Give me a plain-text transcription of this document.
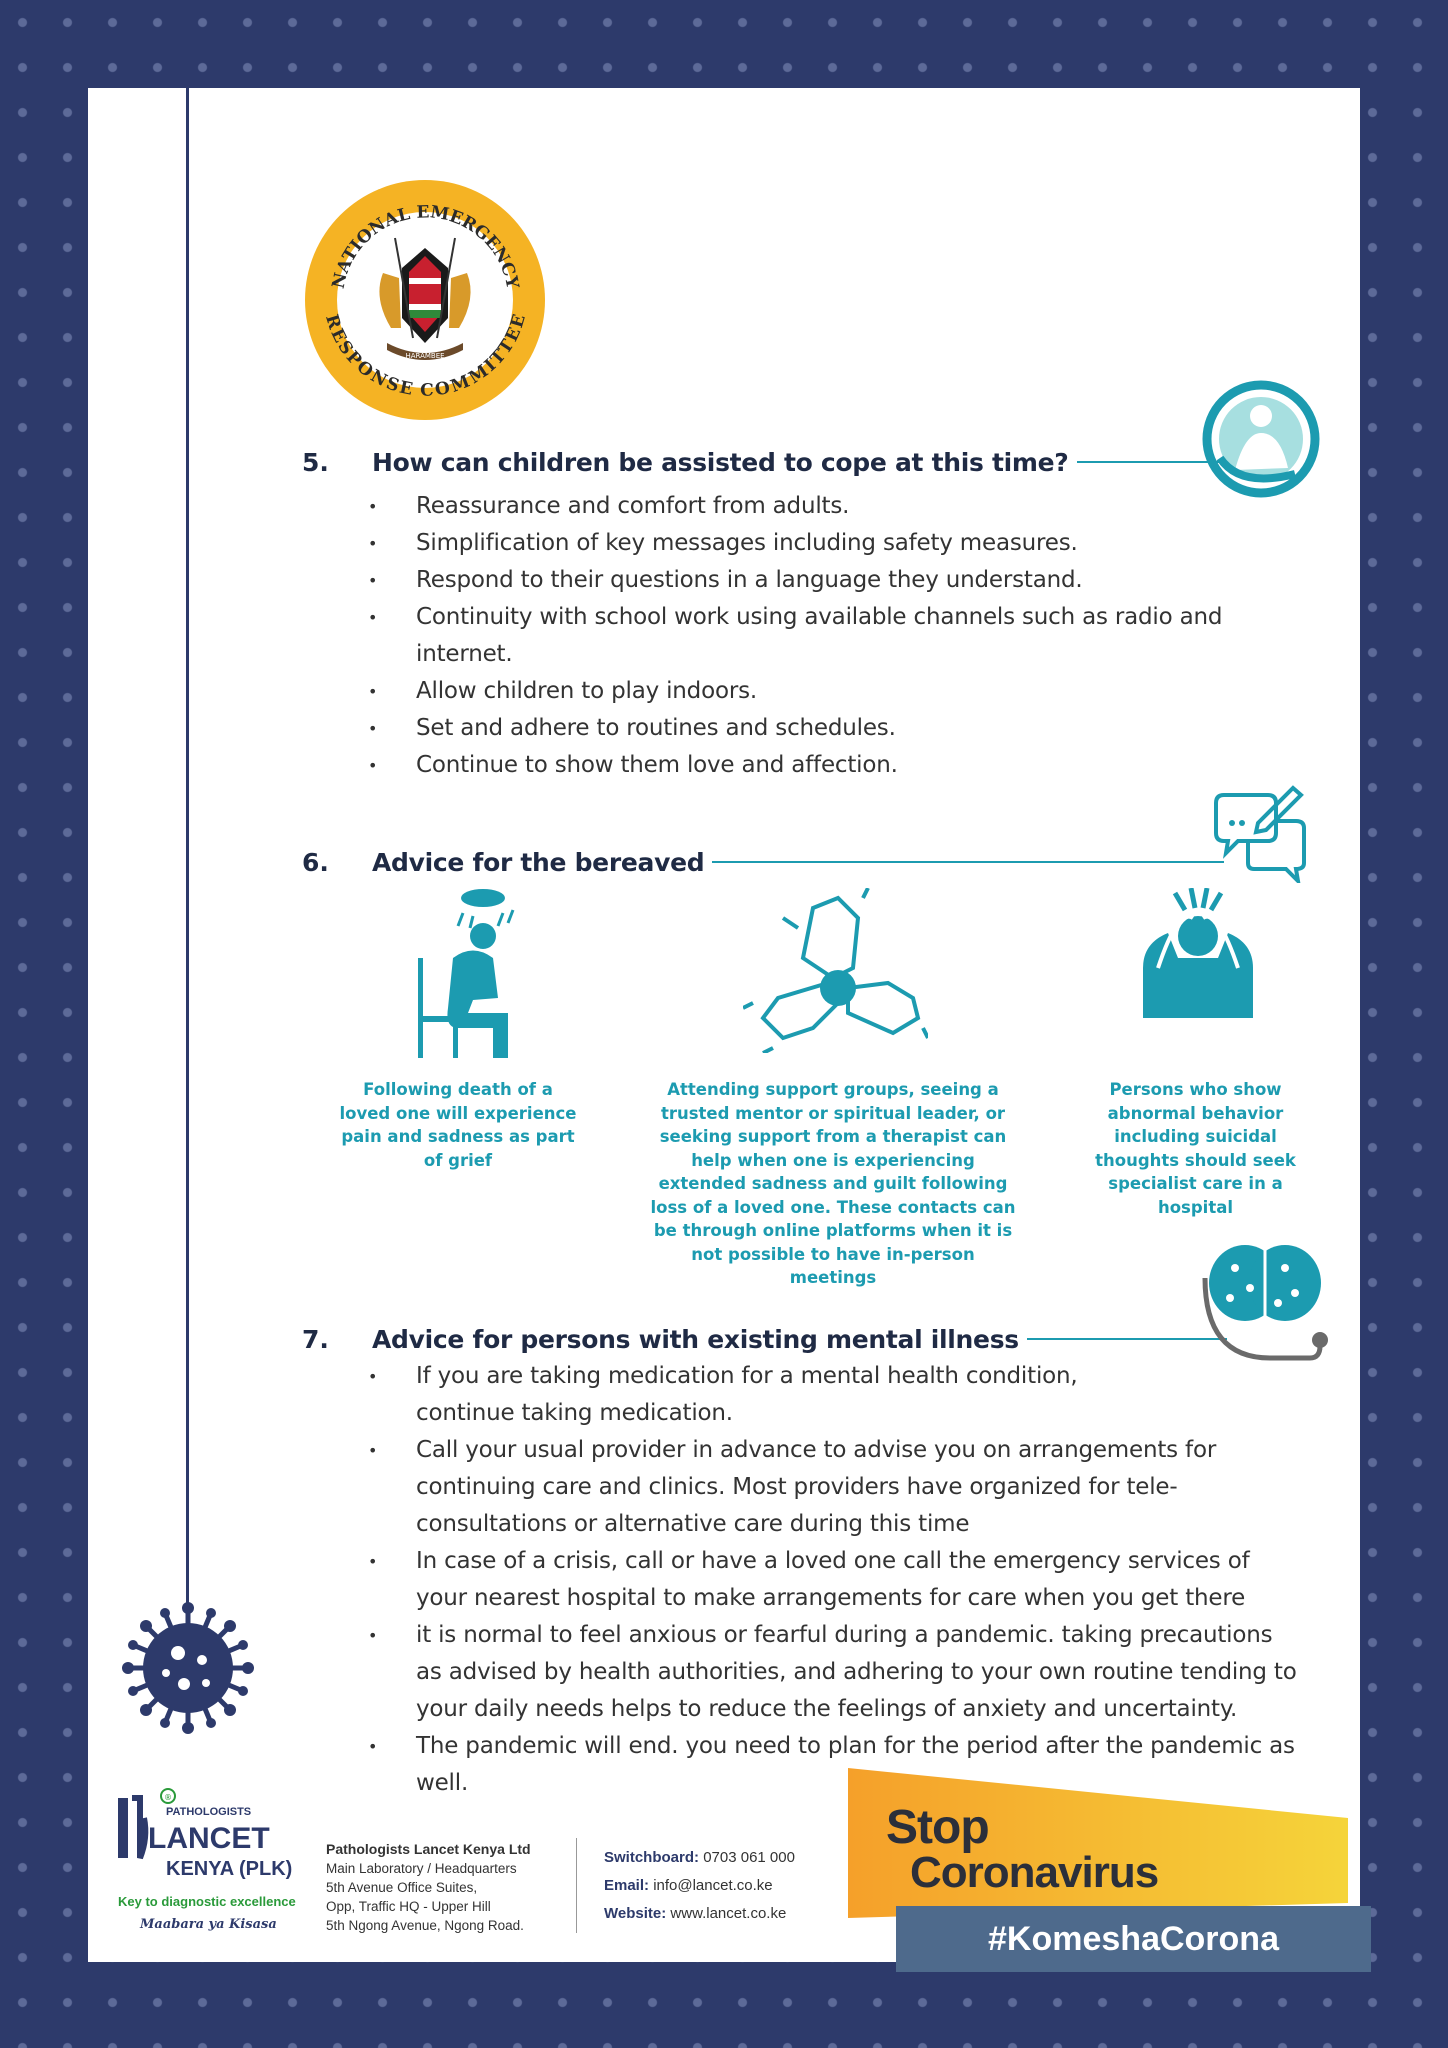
NATIONAL EMERGENCY
RESPONSE COMMITTEE
HARAMBEE
5.	How can children be assisted to cope at this time?
• Reassurance and comfort from adults.
• Simplification of key messages including safety measures.
• Respond to their questions in a language they understand.
• Continuity with school work using available channels such as radio and internet.
• Allow children to play indoors.
• Set and adhere to routines and schedules.
• Continue to show them love and affection.
6.	Advice for the bereaved
Following death of a loved one will experience pain and sadness as part of grief
Attending support groups, seeing a trusted mentor or spiritual leader, or seeking support from a therapist can help when one is experiencing extended sadness and guilt following loss of a loved one. These contacts can be through online platforms when it is not possible to have in-person meetings
Persons who show abnormal behavior including suicidal thoughts should seek specialist care in a hospital
7.	Advice for persons with existing mental illness
• If you are taking medication for a mental health condition, continue taking medication.
• Call your usual provider in advance to advise you on arrangements for continuing care and clinics. Most providers have organized for tele-consultations or alternative care during this time
• In case of a crisis, call or have a loved one call the emergency services of your nearest hospital to make arrangements for care when you get there
• it is normal to feel anxious or fearful during a pandemic. taking precautions as advised by health authorities, and adhering to your own routine tending to your daily needs helps to reduce the feelings of anxiety and uncertainty.
• The pandemic will end. you need to plan for the period after the pandemic as well.
®
PATHOLOGISTS
LANCET
KENYA (PLK)
Key to diagnostic excellence
Maabara ya Kisasa
Pathologists Lancet Kenya Ltd
Main Laboratory / Headquarters
5th Avenue Office Suites,
Opp, Traffic HQ - Upper Hill
5th Ngong Avenue, Ngong Road.
Switchboard: 0703 061 000
Email: info@lancet.co.ke
Website: www.lancet.co.ke
Stop
Coronavirus
#KomeshaCorona
